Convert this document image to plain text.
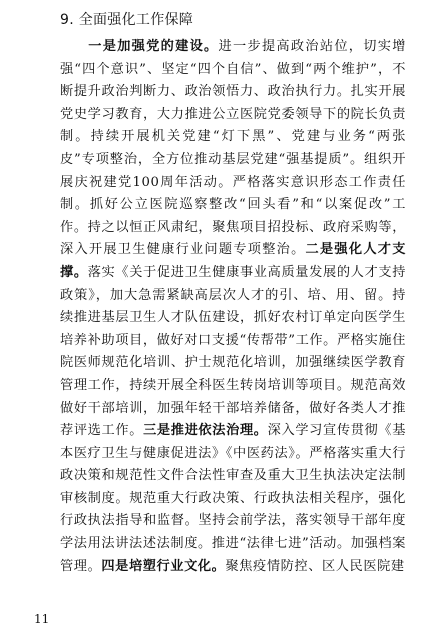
9. 全面强化工作保障
  一是加强党的建设。进一步提高政治站位，切实增强“四个意识”、坚定“四个自信”、做到“两个维护”，不断提升政治判断力、政治领悟力、政治执行力。扎实开展党史学习教育，大力推进公立医院党委领导下的院长负责制。持续开展机关党建“灯下黑”、党建与业务“两张皮”专项整治，全方位推动基层党建“强基提质”。组织开展庆祝建党100周年活动。严格落实意识形态工作责任制。抓好公立医院巡察整改“回头看”和“以案促改”工作。持之以恒正风肃纪，聚焦项目招投标、政府采购等，深入开展卫生健康行业问题专项整治。二是强化人才支撑。落实《关于促进卫生健康事业高质量发展的人才支持政策》，加大急需紧缺高层次人才的引、培、用、留。持续推进基层卫生人才队伍建设，抓好农村订单定向医学生培养补助项目，做好对口支援“传帮带”工作。严格实施住院医师规范化培训、护士规范化培训，加强继续医学教育管理工作，持续开展全科医生转岗培训等项目。规范高效做好干部培训，加强年轻干部培养储备，做好各类人才推荐评选工作。三是推进依法治理。深入学习宣传贯彻《基本医疗卫生与健康促进法》《中医药法》。严格落实重大行政决策和规范性文件合法性审查及重大卫生执法决定法制审核制度。规范重大行政决策、行政执法相关程序，强化行政执法指导和监督。坚持会前学法，落实领导干部年度学法用法讲法述法制度。推进“法律七进”活动。加强档案管理。四是培塑行业文化。聚焦疫情防控、区人民医院建
11
